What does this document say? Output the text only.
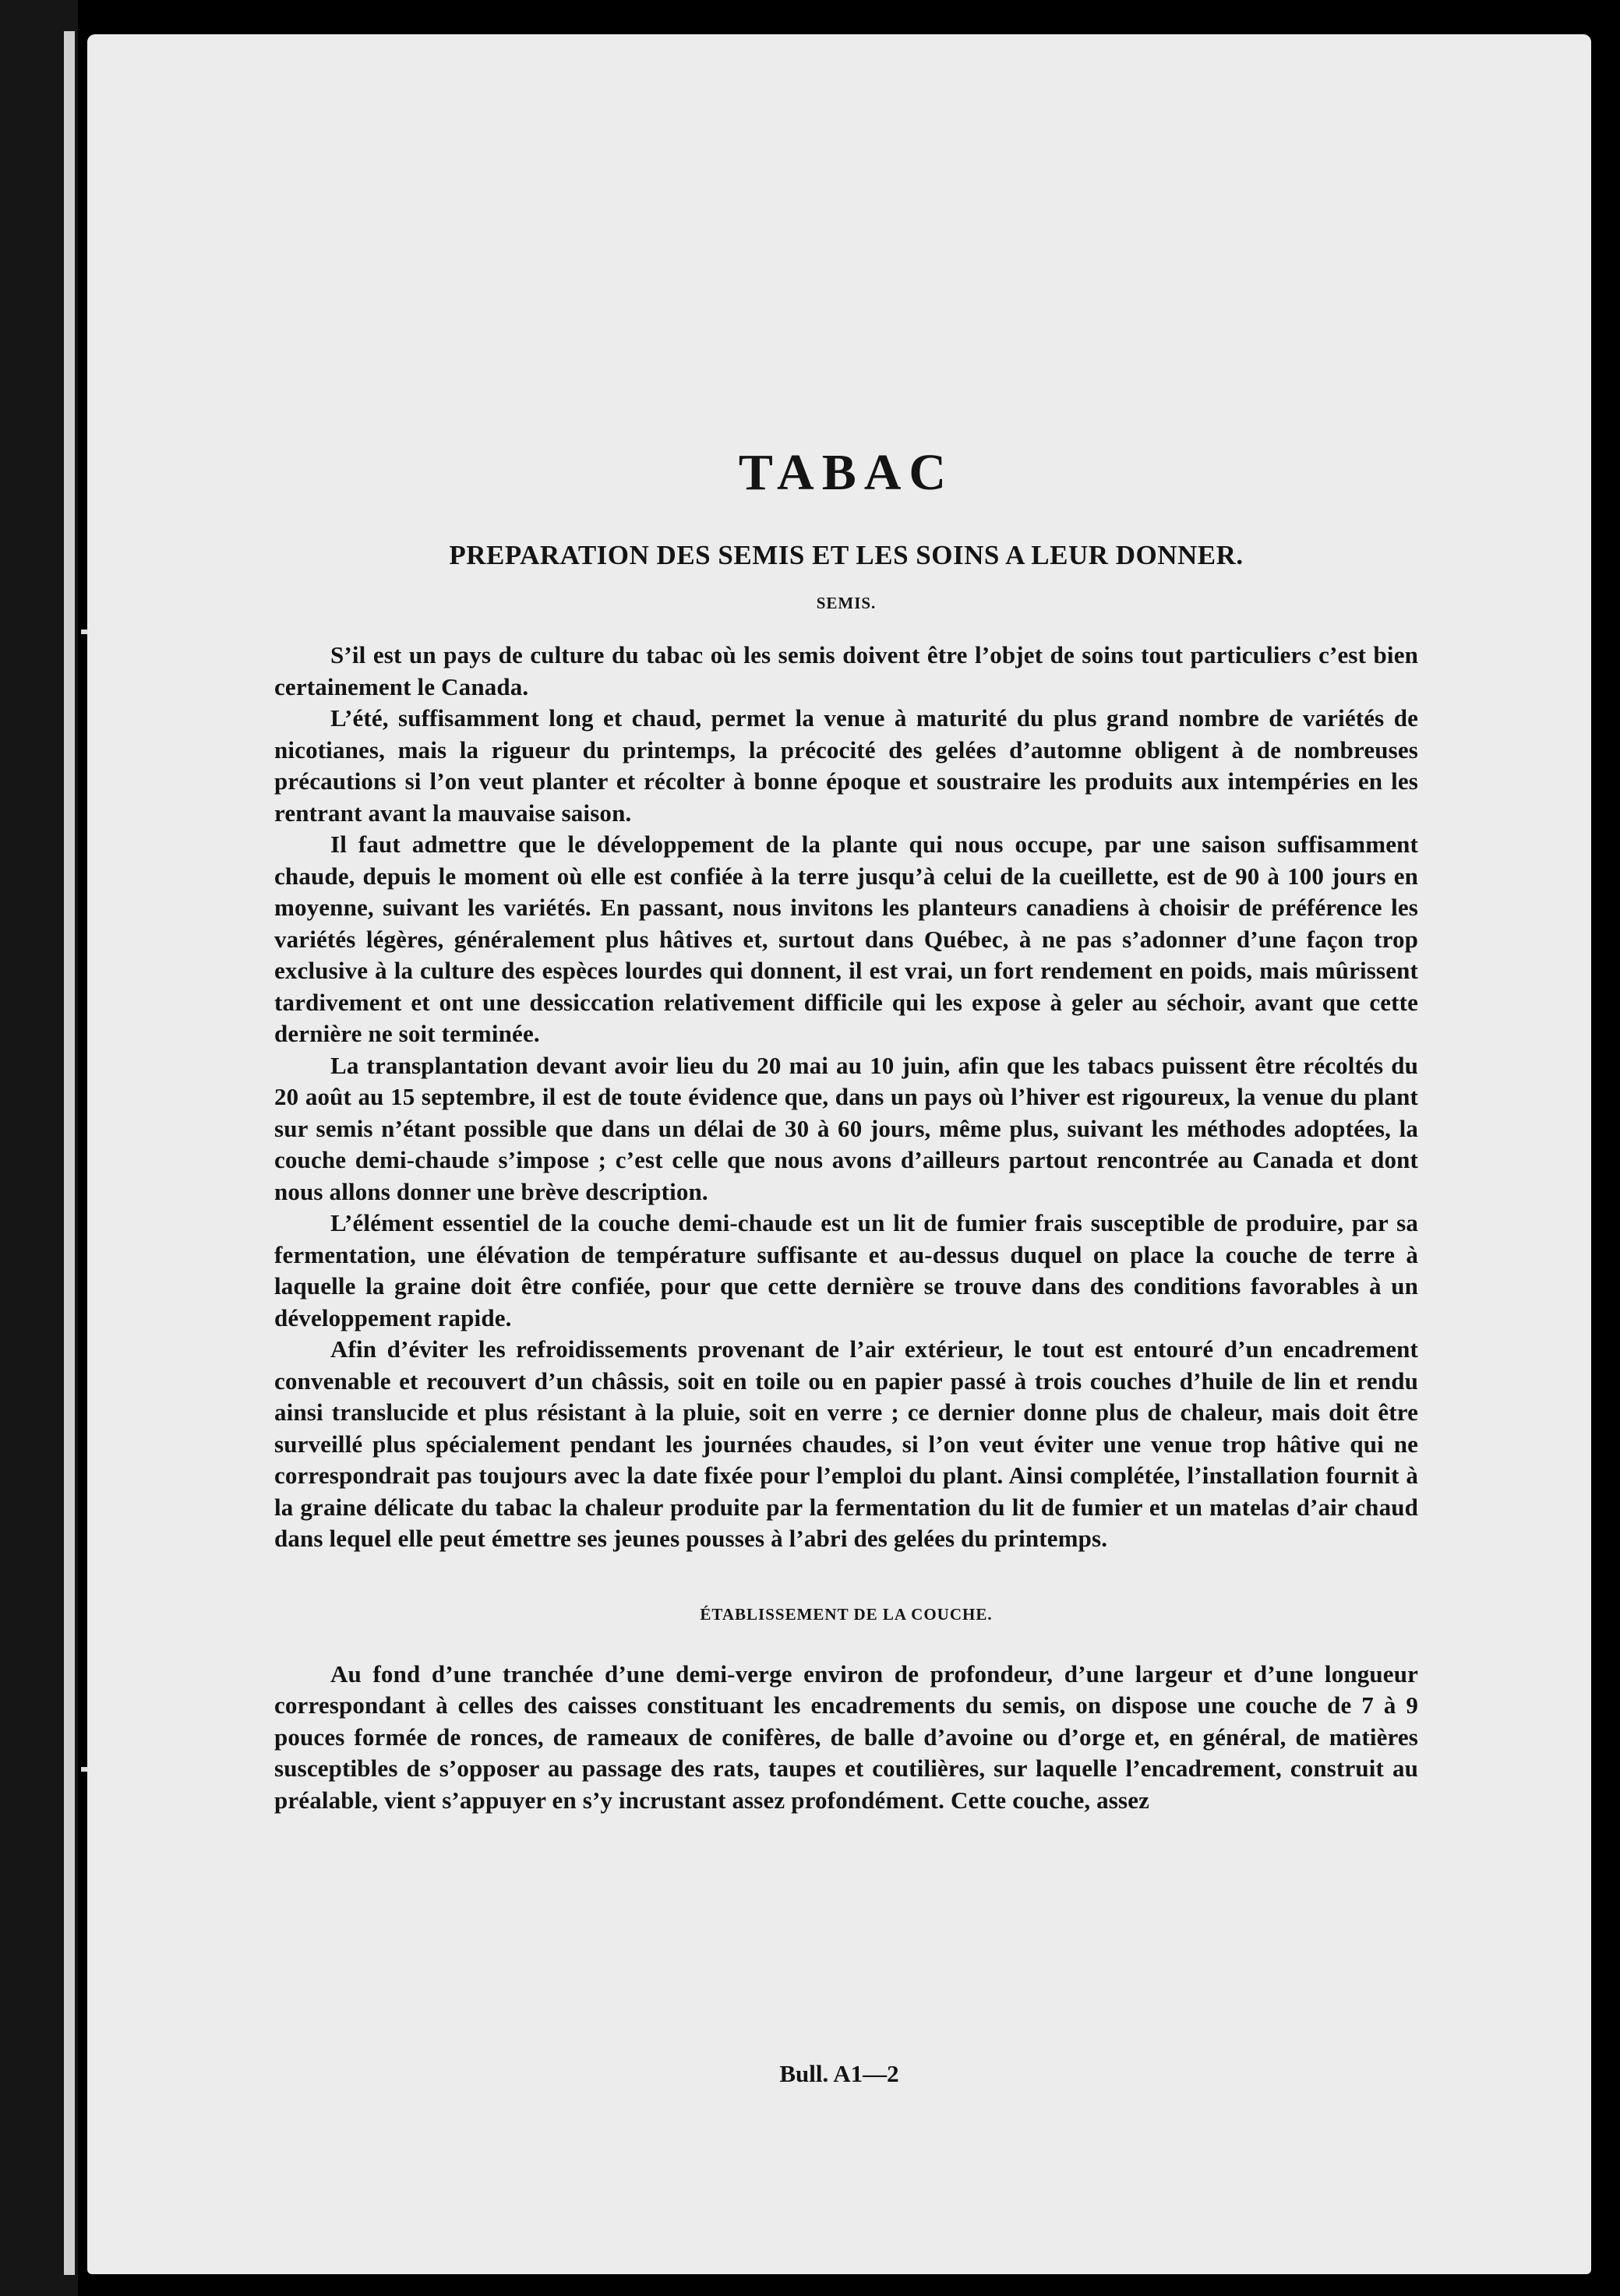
TABAC
PREPARATION DES SEMIS ET LES SOINS A LEUR DONNER.
SEMIS.

S’il est un pays de culture du tabac où les semis doivent être l’objet de soins tout particuliers c’est bien certainement le Canada.

L’été, suffisamment long et chaud, permet la venue à maturité du plus grand nombre de variétés de nicotianes, mais la rigueur du printemps, la précocité des gelées d’automne obligent à de nombreuses précautions si l’on veut planter et récolter à bonne époque et soustraire les produits aux intempéries en les rentrant avant la mauvaise saison.

Il faut admettre que le développement de la plante qui nous occupe, par une saison suffisamment chaude, depuis le moment où elle est confiée à la terre jusqu’à celui de la cueillette, est de 90 à 100 jours en moyenne, suivant les variétés. En passant, nous invitons les planteurs canadiens à choisir de préférence les variétés légères, généralement plus hâtives et, surtout dans Québec, à ne pas s’adonner d’une façon trop exclusive à la culture des espèces lourdes qui donnent, il est vrai, un fort rendement en poids, mais mûrissent tardivement et ont une dessiccation relativement difficile qui les expose à geler au séchoir, avant que cette dernière ne soit terminée.

La transplantation devant avoir lieu du 20 mai au 10 juin, afin que les tabacs puissent être récoltés du 20 août au 15 septembre, il est de toute évidence que, dans un pays où l’hiver est rigoureux, la venue du plant sur semis n’étant possible que dans un délai de 30 à 60 jours, même plus, suivant les méthodes adoptées, la couche demi-chaude s’impose ; c’est celle que nous avons d’ailleurs partout rencontrée au Canada et dont nous allons donner une brève description.

L’élément essentiel de la couche demi-chaude est un lit de fumier frais susceptible de produire, par sa fermentation, une élévation de température suffisante et au-dessus duquel on place la couche de terre à laquelle la graine doit être confiée, pour que cette dernière se trouve dans des conditions favorables à un développement rapide.

Afin d’éviter les refroidissements provenant de l’air extérieur, le tout est entouré d’un encadrement convenable et recouvert d’un châssis, soit en toile ou en papier passé à trois couches d’huile de lin et rendu ainsi translucide et plus résistant à la pluie, soit en verre ; ce dernier donne plus de chaleur, mais doit être surveillé plus spécialement pendant les journées chaudes, si l’on veut éviter une venue trop hâtive qui ne correspondrait pas toujours avec la date fixée pour l’emploi du plant. Ainsi complétée, l’installation fournit à la graine délicate du tabac la chaleur produite par la fermentation du lit de fumier et un matelas d’air chaud dans lequel elle peut émettre ses jeunes pousses à l’abri des gelées du printemps.

ÉTABLISSEMENT DE LA COUCHE.

Au fond d’une tranchée d’une demi-verge environ de profondeur, d’une largeur et d’une longueur correspondant à celles des caisses constituant les encadrements du semis, on dispose une couche de 7 à 9 pouces formée de ronces, de rameaux de conifères, de balle d’avoine ou d’orge et, en général, de matières susceptibles de s’opposer au passage des rats, taupes et coutilières, sur laquelle l’encadrement, construit au préalable, vient s’appuyer en s’y incrustant assez profondément. Cette couche, assez

Bull. A1—2
